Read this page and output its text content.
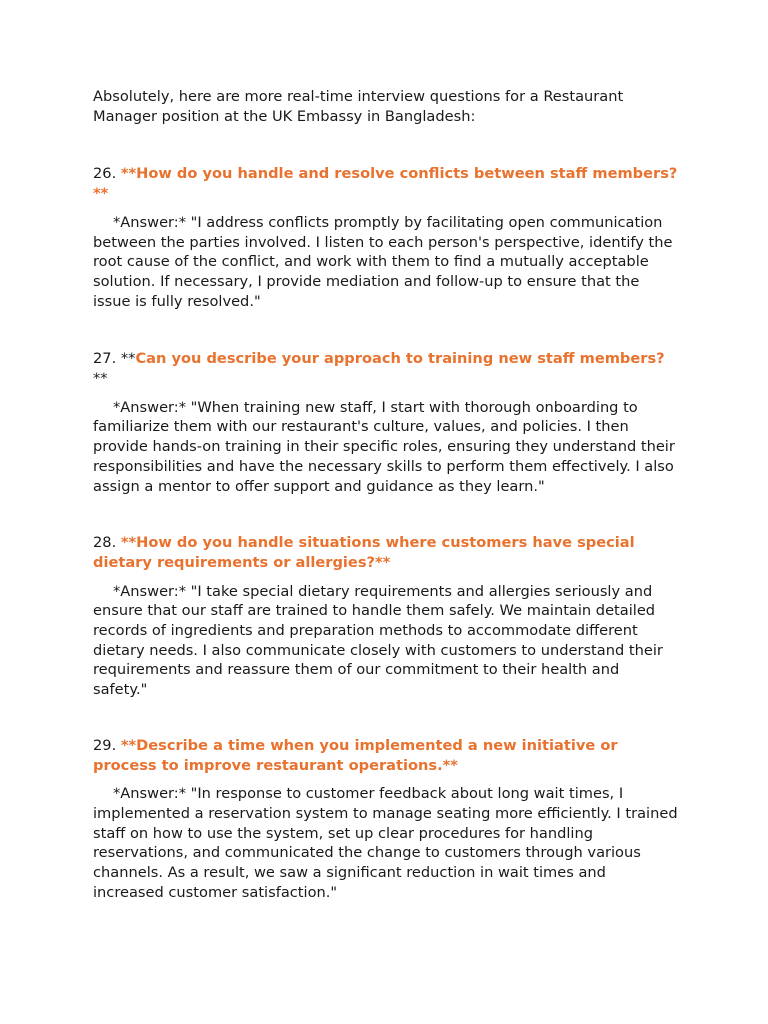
Absolutely, here are more real-time interview questions for a Restaurant Manager position at the UK Embassy in Bangladesh:

26. **How do you handle and resolve conflicts between staff members?**

*Answer:* "I address conflicts promptly by facilitating open communication between the parties involved. I listen to each person's perspective, identify the root cause of the conflict, and work with them to find a mutually acceptable solution. If necessary, I provide mediation and follow-up to ensure that the issue is fully resolved."

27. **Can you describe your approach to training new staff members?**

*Answer:* "When training new staff, I start with thorough onboarding to familiarize them with our restaurant's culture, values, and policies. I then provide hands-on training in their specific roles, ensuring they understand their responsibilities and have the necessary skills to perform them effectively. I also assign a mentor to offer support and guidance as they learn."

28. **How do you handle situations where customers have special dietary requirements or allergies?**

*Answer:* "I take special dietary requirements and allergies seriously and ensure that our staff are trained to handle them safely. We maintain detailed records of ingredients and preparation methods to accommodate different dietary needs. I also communicate closely with customers to understand their requirements and reassure them of our commitment to their health and safety."

29. **Describe a time when you implemented a new initiative or process to improve restaurant operations.**

*Answer:* "In response to customer feedback about long wait times, I implemented a reservation system to manage seating more efficiently. I trained staff on how to use the system, set up clear procedures for handling reservations, and communicated the change to customers through various channels. As a result, we saw a significant reduction in wait times and increased customer satisfaction."
